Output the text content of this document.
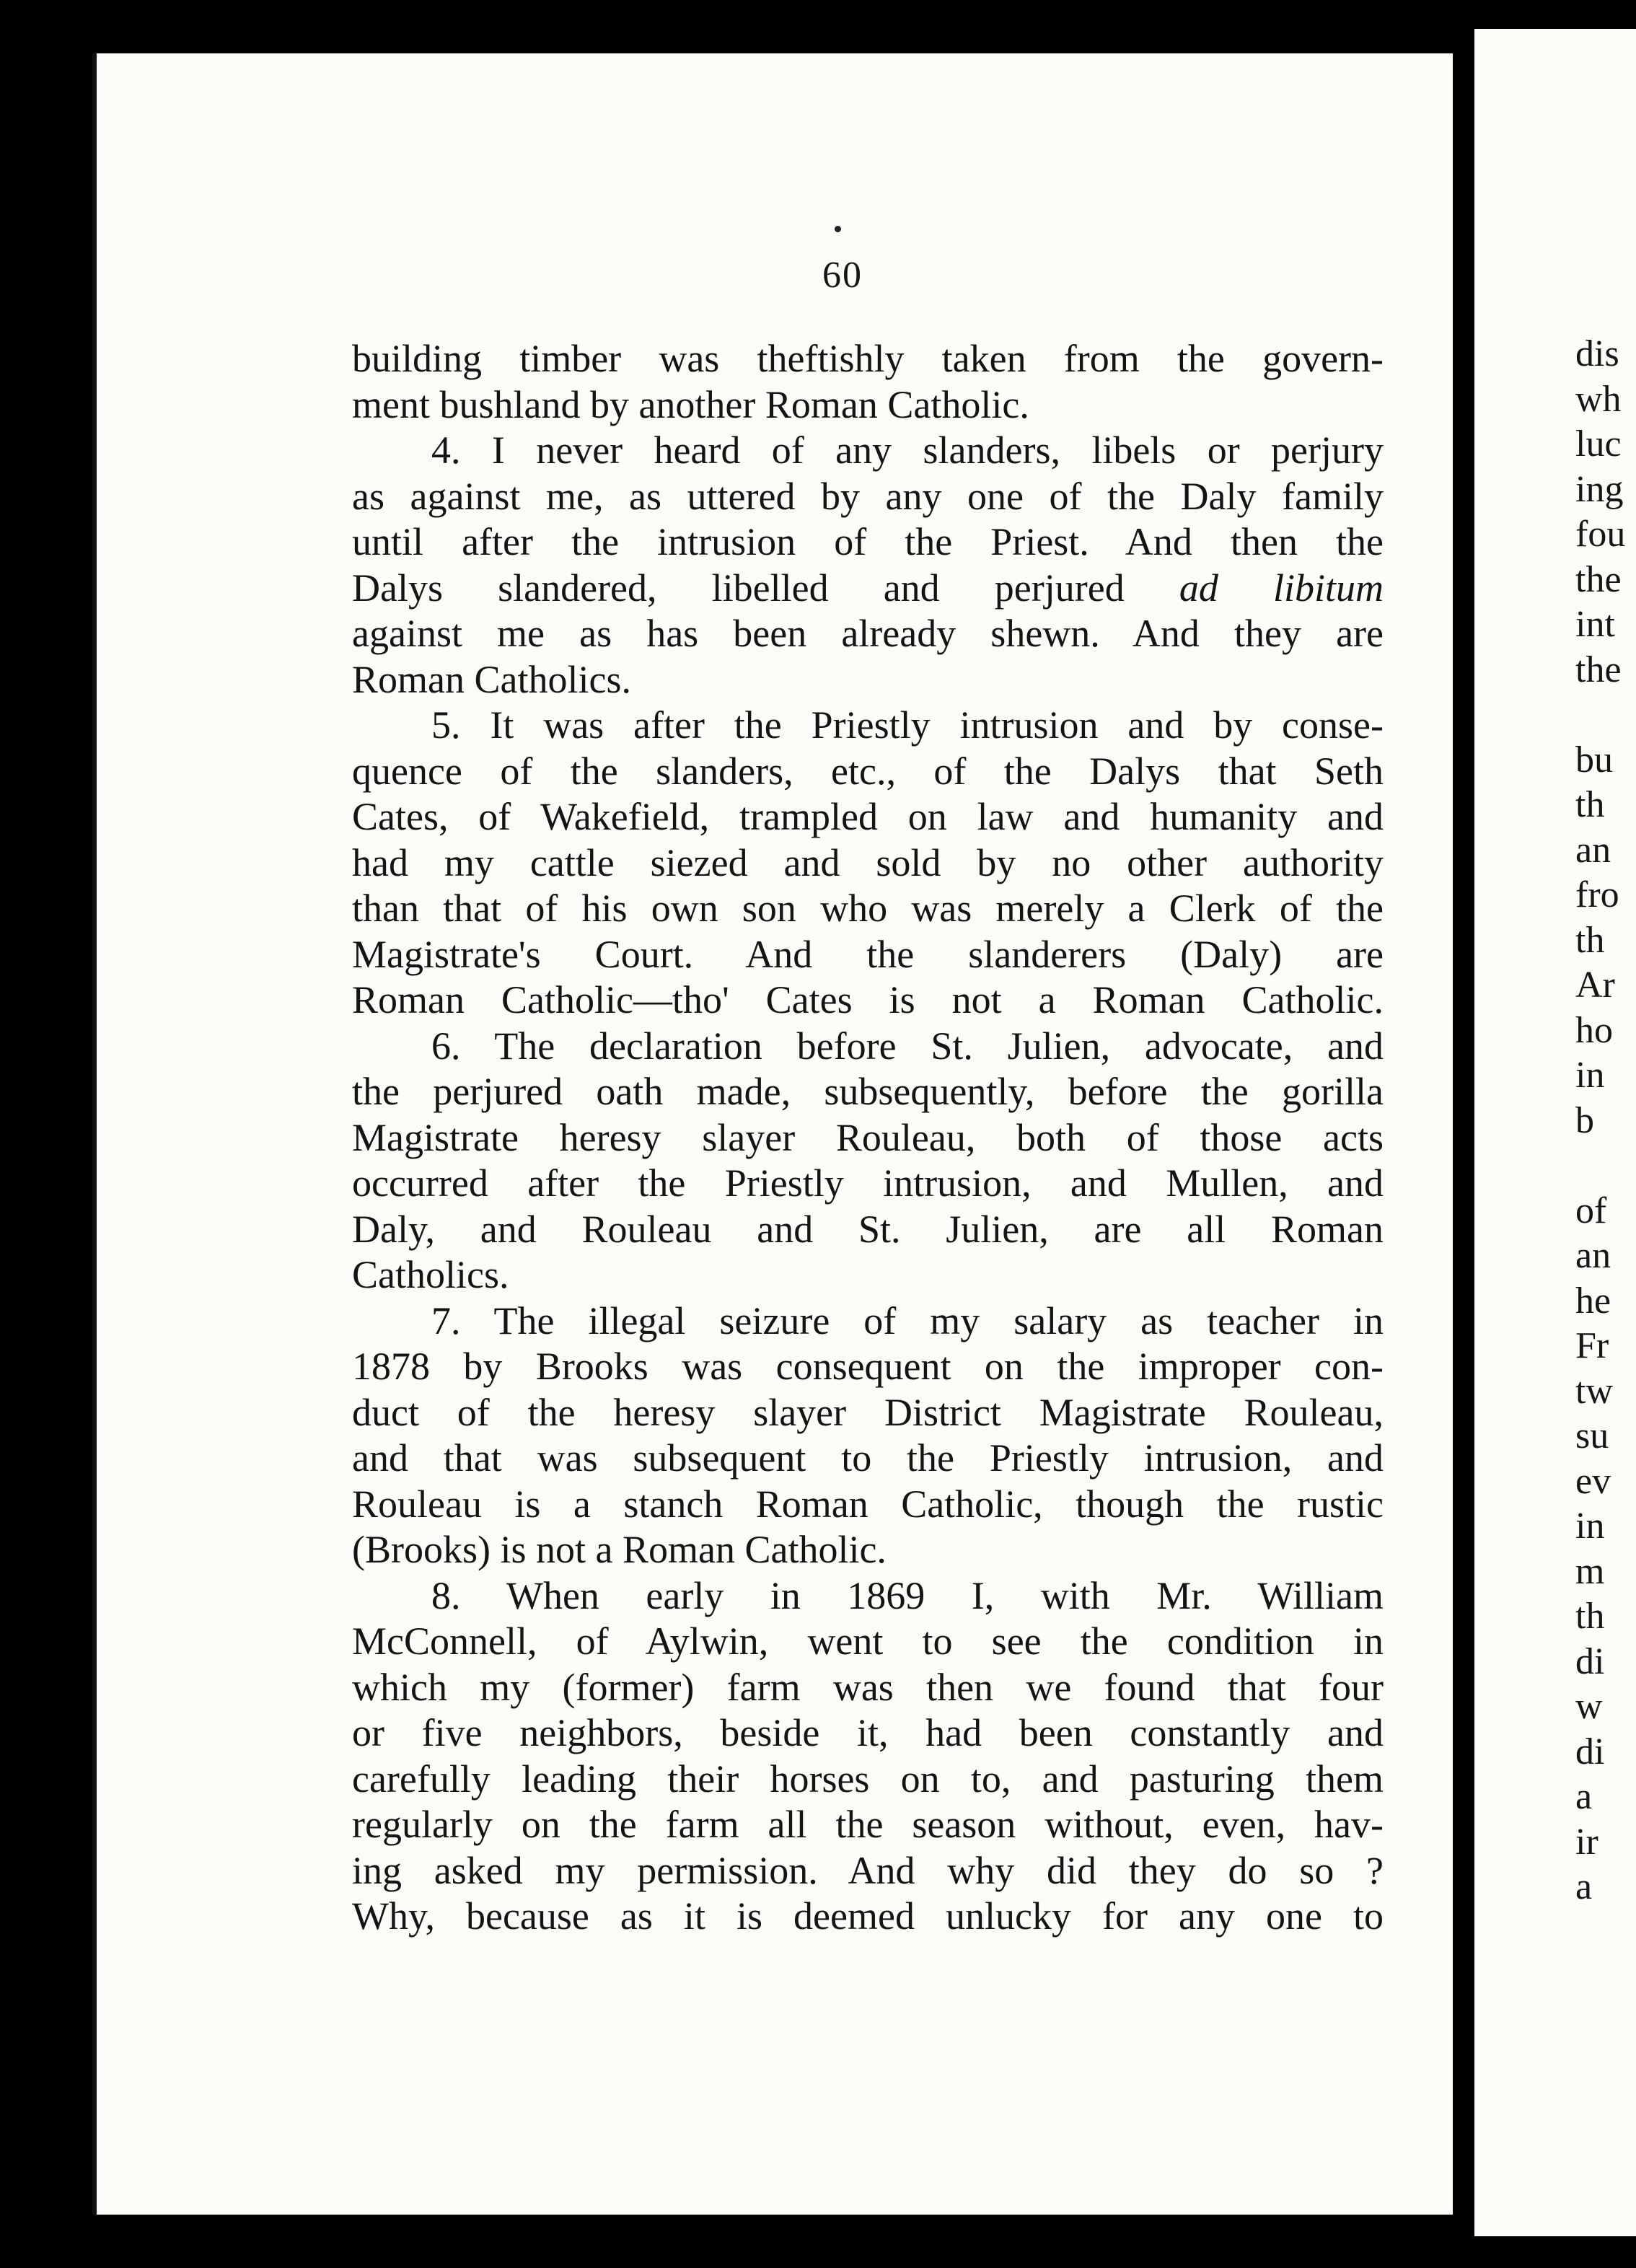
60
building timber was theftishly taken from the govern-
ment bushland by another Roman Catholic.
4. I never heard of any slanders, libels or perjury
as against me, as uttered by any one of the Daly family
until after the intrusion of the Priest. And then the
Dalys slandered, libelled and perjured ad libitum
against me as has been already shewn. And they are
Roman Catholics.
5. It was after the Priestly intrusion and by conse-
quence of the slanders, etc., of the Dalys that Seth
Cates, of Wakefield, trampled on law and humanity and
had my cattle siezed and sold by no other authority
than that of his own son who was merely a Clerk of the
Magistrate's Court. And the slanderers (Daly) are
Roman Catholic—tho' Cates is not a Roman Catholic.
6. The declaration before St. Julien, advocate, and
the perjured oath made, subsequently, before the gorilla
Magistrate heresy slayer Rouleau, both of those acts
occurred after the Priestly intrusion, and Mullen, and
Daly, and Rouleau and St. Julien, are all Roman
Catholics.
7. The illegal seizure of my salary as teacher in
1878 by Brooks was consequent on the improper con-
duct of the heresy slayer District Magistrate Rouleau,
and that was subsequent to the Priestly intrusion, and
Rouleau is a stanch Roman Catholic, though the rustic
(Brooks) is not a Roman Catholic.
8. When early in 1869 I, with Mr. William
McConnell, of Aylwin, went to see the condition in
which my (former) farm was then we found that four
or five neighbors, beside it, had been constantly and
carefully leading their horses on to, and pasturing them
regularly on the farm all the season without, even, hav-
ing asked my permission. And why did they do so ?
Why, because as it is deemed unlucky for any one to
dis
wh
luc
ing
fou
the
int
the
bu
th
an
fro
th
Ar
ho
in
b
of
an
he
Fr
tw
su
ev
in
m
th
di
w
di
a
ir
a
